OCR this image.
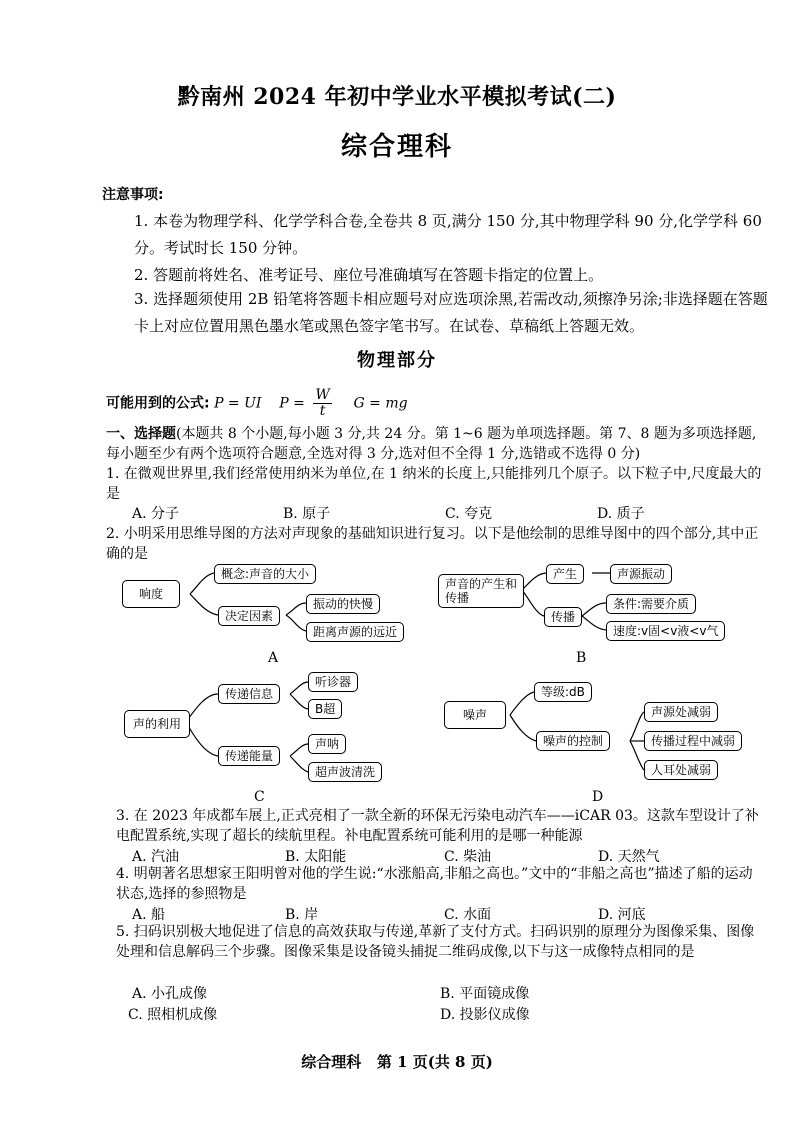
黔南州 2024 年初中学业水平模拟考试(二)
综合理科
注意事项:
1. 本卷为物理学科、化学学科合卷,全卷共 8 页,满分 150 分,其中物理学科 90 分,化学学科 60 分。考试时长 150 分钟。
2. 答题前将姓名、准考证号、座位号准确填写在答题卡指定的位置上。
3. 选择题须使用 2B 铅笔将答题卡相应题号对应选项涂黑,若需改动,须擦净另涂;非选择题在答题卡上对应位置用黑色墨水笔或黑色签字笔书写。在试卷、草稿纸上答题无效。
物理部分
可能用到的公式: P = UI $P = \frac{W}{t}$ G = mg
一、选择题(本题共 8 个小题,每小题 3 分,共 24 分。第 1~6 题为单项选择题。第 7、8 题为多项选择题,每小题至少有两个选项符合题意,全选对得 3 分,选对但不全得 1 分,选错或不选得 0 分)
1. 在微观世界里,我们经常使用纳米为单位,在 1 纳米的长度上,只能排列几个原子。以下粒子中,尺度最大的是
A. 分子	B. 原子	C. 夸克	D. 质子
2. 小明采用思维导图的方法对声现象的基础知识进行复习。以下是他绘制的思维导图中的四个部分,其中正确的是
响度
概念:声音的大小
决定因素
振动的快慢
距离声源的远近
A
声音的产生和传播
产生	声源振动
传播
条件:需要介质
速度:v固<v液<v气
B
声的利用
传递信息
听诊器
B超
传递能量
声呐
超声波清洗
C
噪声
等级:dB
噪声的控制
声源处减弱
传播过程中减弱
人耳处减弱
D
3. 在 2023 年成都车展上,正式亮相了一款全新的环保无污染电动汽车——iCAR 03。这款车型设计了补电配置系统,实现了超长的续航里程。补电配置系统可能利用的是哪一种能源
A. 汽油	B. 太阳能	C. 柴油	D. 天然气
4. 明朝著名思想家王阳明曾对他的学生说:“水涨船高,非船之高也。”文中的“非船之高也”描述了船的运动状态,选择的参照物是
A. 船	B. 岸	C. 水面	D. 河底
5. 扫码识别极大地促进了信息的高效获取与传递,革新了支付方式。扫码识别的原理分为图像采集、图像处理和信息解码三个步骤。图像采集是设备镜头捕捉二维码成像,以下与这一成像特点相同的是
A. 小孔成像	B. 平面镜成像
C. 照相机成像	D. 投影仪成像
综合理科   第 1 页(共 8 页)
